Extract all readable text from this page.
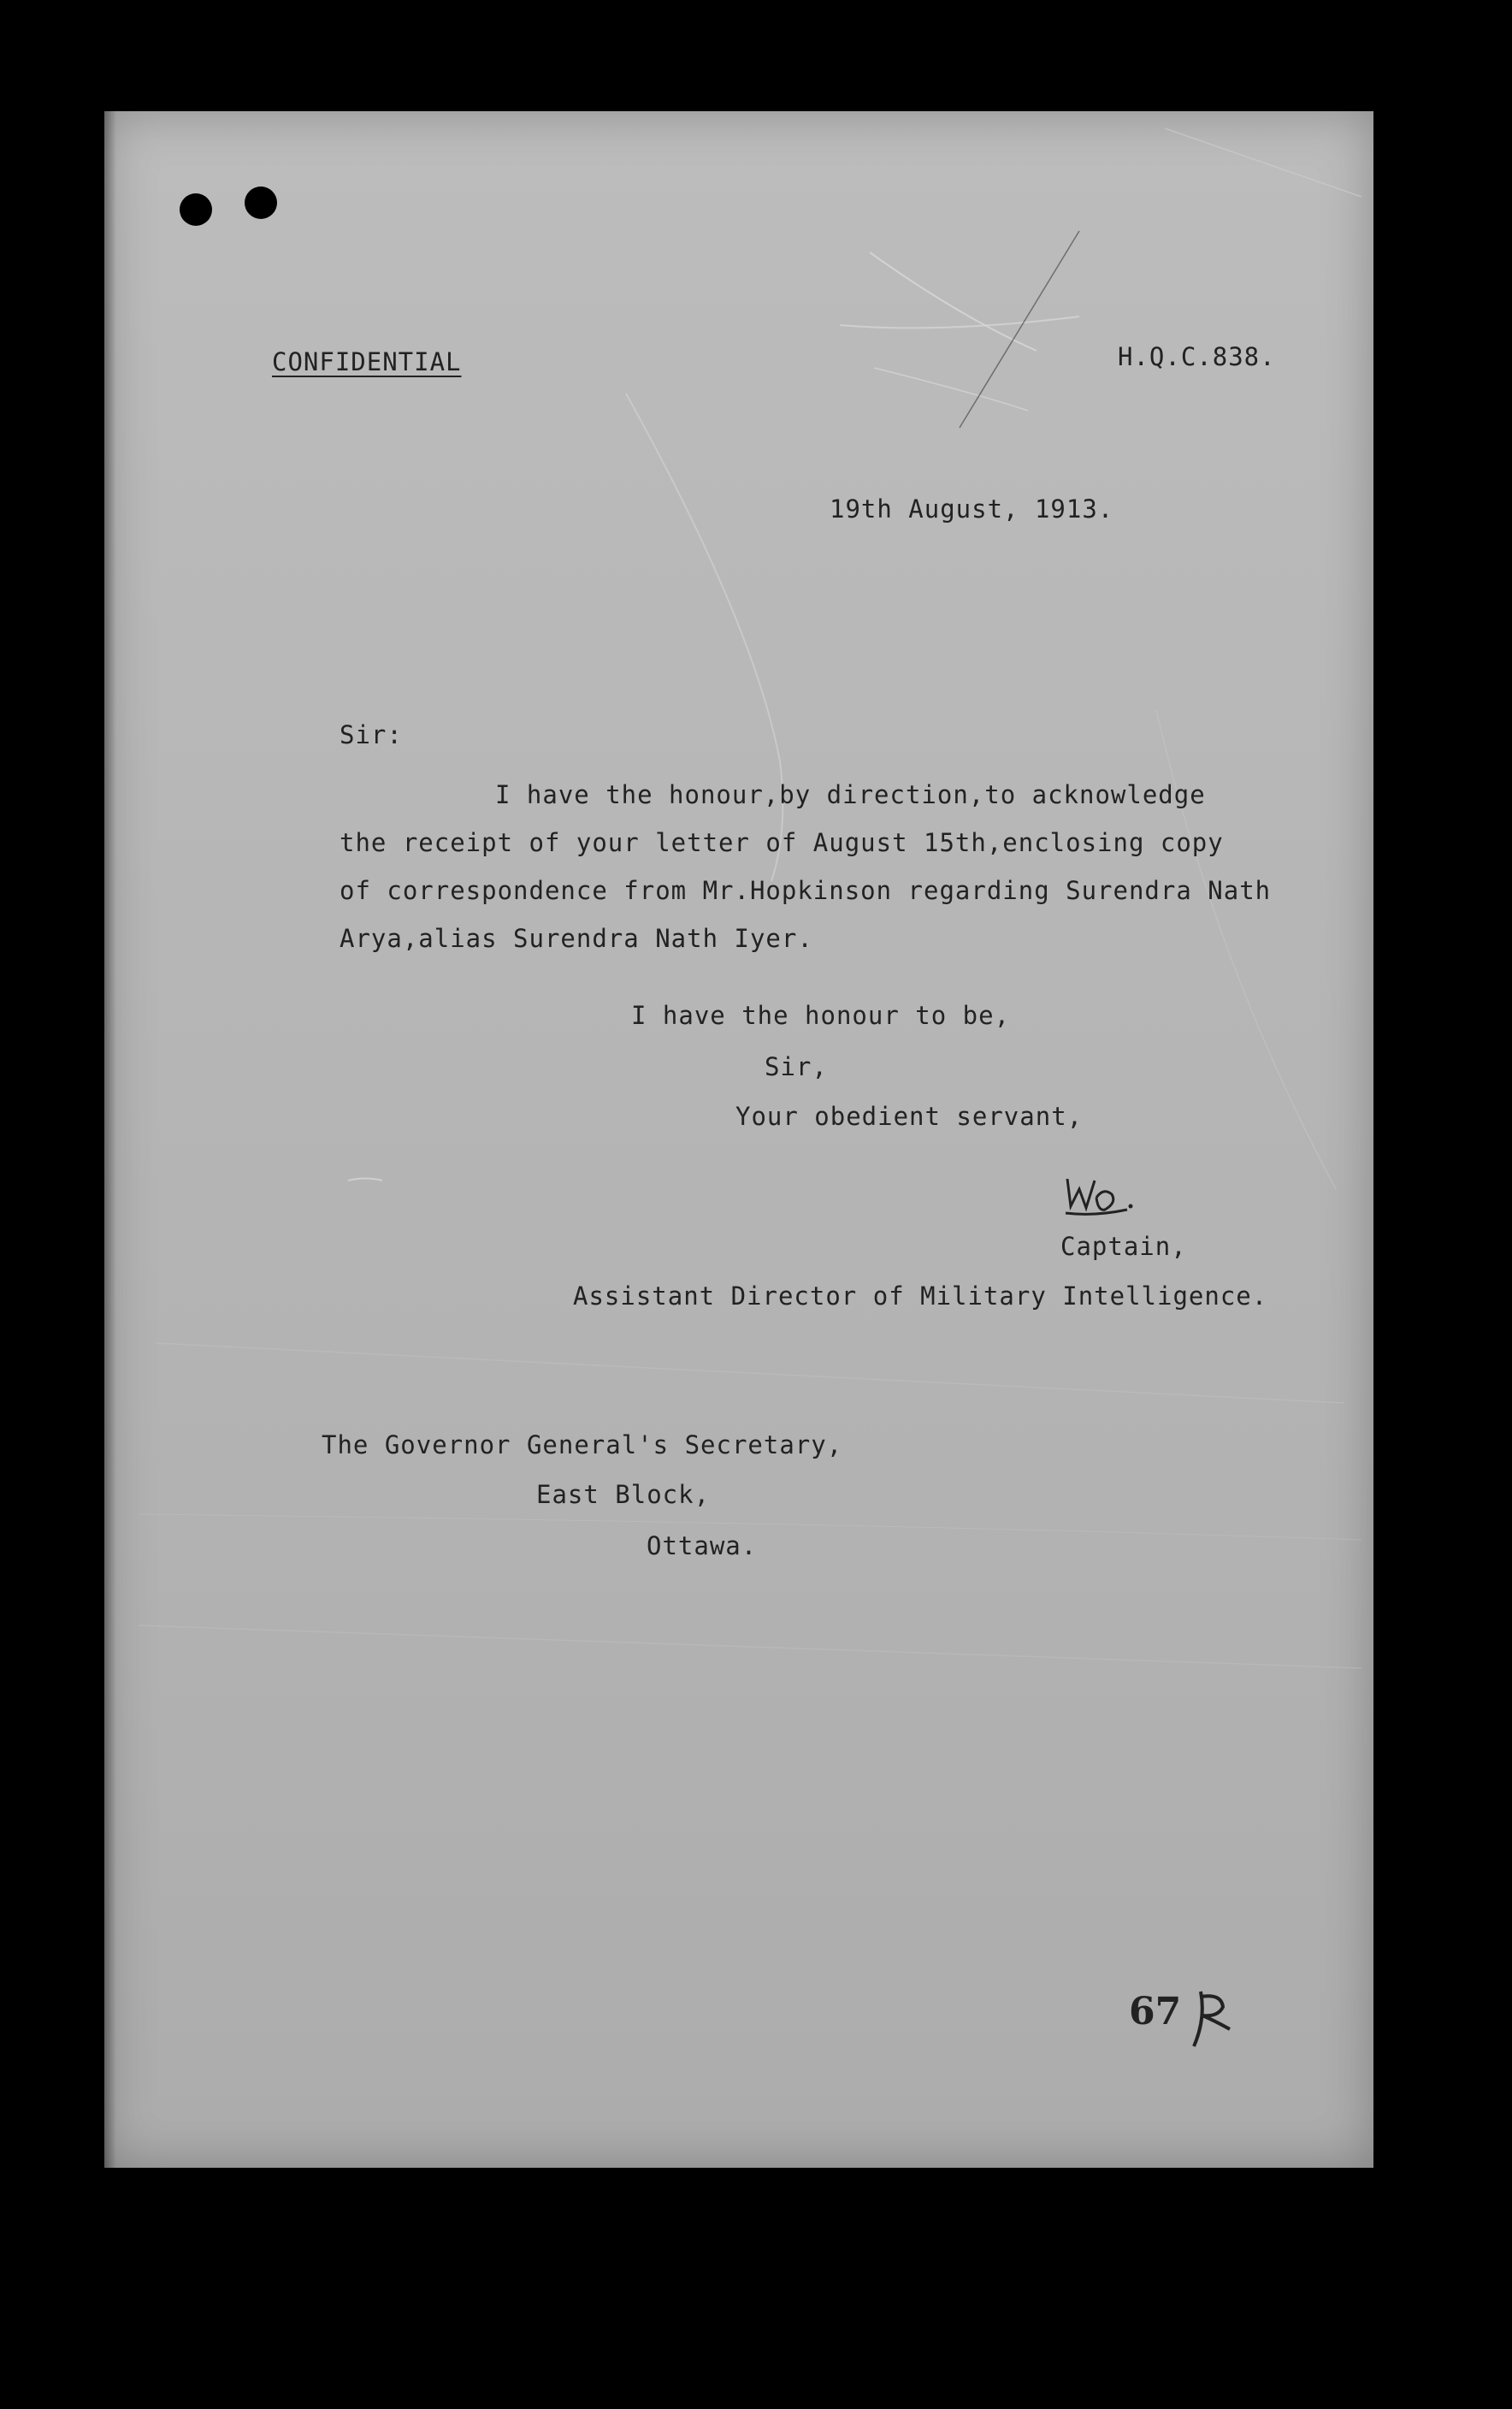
CONFIDENTIAL	H.Q.C.838.
19th August, 1913.
Sir:
I have the honour,by direction,to acknowledge
the receipt of your letter of August 15th,enclosing copy
of correspondence from Mr.Hopkinson regarding Surendra Nath
Arya,alias Surendra Nath Iyer.
I have the honour to be,
Sir,
Your obedient servant,
Captain,
Assistant Director of Military Intelligence.
The Governor General's Secretary,
East Block,
Ottawa.
67
